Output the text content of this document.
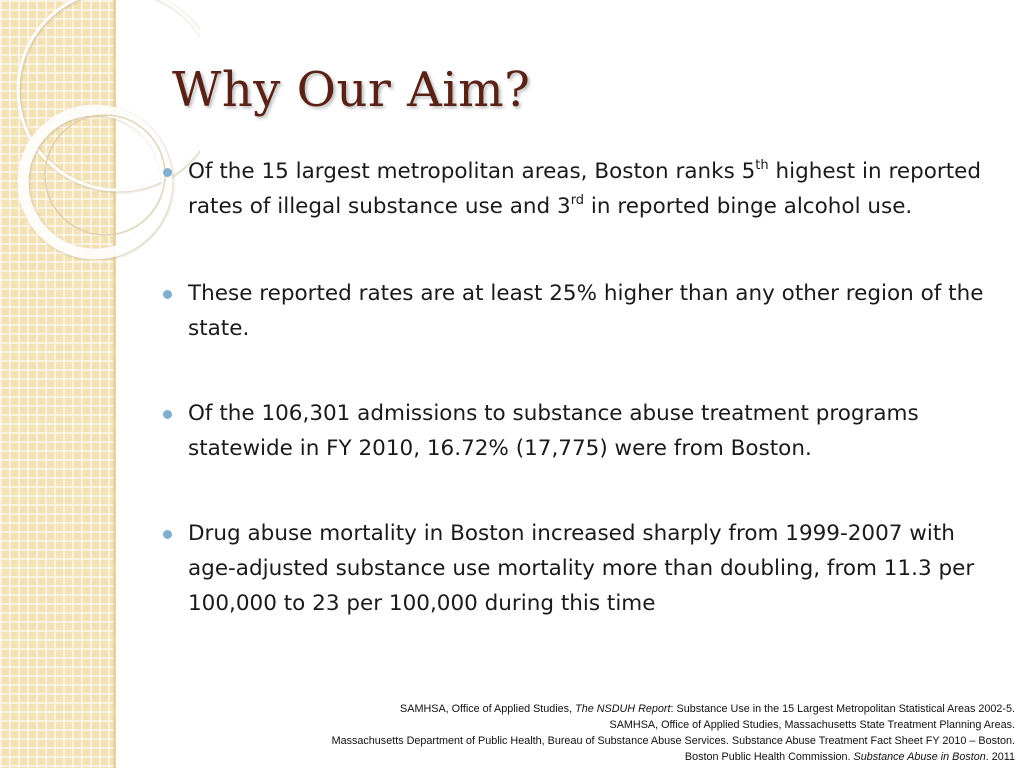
Why Our Aim?
Of the 15 largest metropolitan areas, Boston ranks 5th highest in reported rates of illegal substance use and 3rd in reported binge alcohol use.
These reported rates are at least 25% higher than any other region of the state.
Of the 106,301 admissions to substance abuse treatment programs statewide in FY 2010, 16.72% (17,775) were from Boston.
Drug abuse mortality in Boston increased sharply from 1999-2007 with age-adjusted substance use mortality more than doubling, from 11.3 per 100,000 to 23 per 100,000 during this time
SAMHSA, Office of Applied Studies, The NSDUH Report: Substance Use in the 15 Largest Metropolitan Statistical Areas 2002-5.
SAMHSA, Office of Applied Studies, Massachusetts State Treatment Planning Areas.
Massachusetts Department of Public Health, Bureau of Substance Abuse Services. Substance Abuse Treatment Fact Sheet FY 2010 – Boston.
Boston Public Health Commission. Substance Abuse in Boston. 2011
